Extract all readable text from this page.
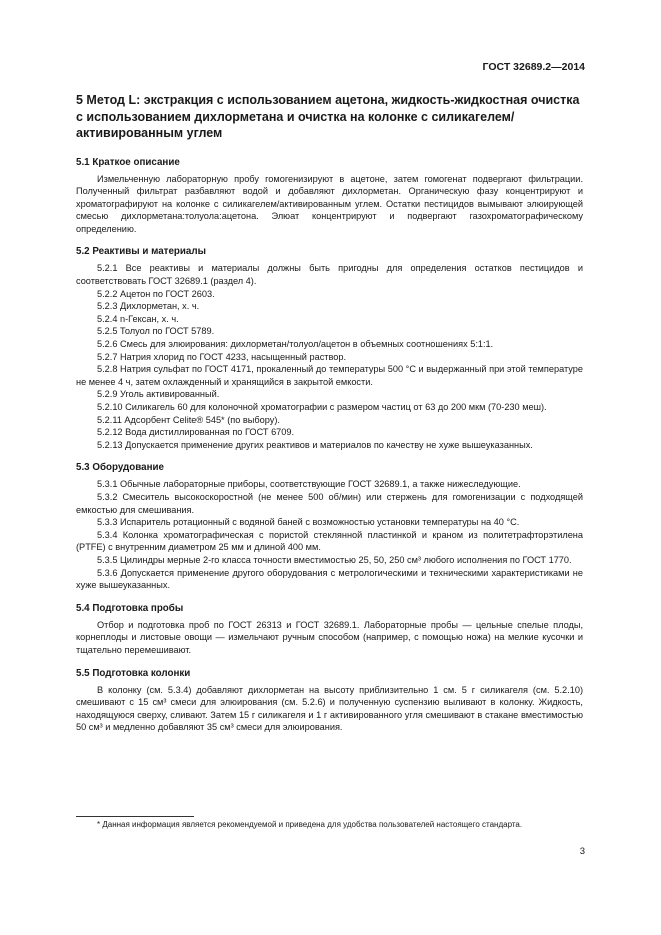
ГОСТ 32689.2—2014
5 Метод L: экстракция с использованием ацетона, жидкость-жидкостная очистка с использованием дихлорметана и очистка на колонке с силикагелем/активированным углем
5.1 Краткое описание
Измельченную лабораторную пробу гомогенизируют в ацетоне, затем гомогенат подвергают фильтрации. Полученный фильтрат разбавляют водой и добавляют дихлорметан. Органическую фазу концентрируют и хроматографируют на колонке с силикагелем/активированным углем. Остатки пестицидов вымывают элюирующей смесью дихлорметана:толуола:ацетона. Элюат концентрируют и подвергают газохроматографическому определению.
5.2 Реактивы и материалы
5.2.1 Все реактивы и материалы должны быть пригодны для определения остатков пестицидов и соответствовать ГОСТ 32689.1 (раздел 4).
5.2.2 Ацетон по ГОСТ 2603.
5.2.3 Дихлорметан, х. ч.
5.2.4 n-Гексан, х. ч.
5.2.5 Толуол по ГОСТ 5789.
5.2.6 Смесь для элюирования: дихлорметан/толуол/ацетон в объемных соотношениях 5:1:1.
5.2.7 Натрия хлорид по ГОСТ 4233, насыщенный раствор.
5.2.8 Натрия сульфат по ГОСТ 4171, прокаленный до температуры 500 °C и выдержанный при этой температуре не менее 4 ч, затем охлажденный и хранящийся в закрытой емкости.
5.2.9 Уголь активированный.
5.2.10 Силикагель 60 для колоночной хроматографии с размером частиц от 63 до 200 мкм (70-230 меш).
5.2.11 Адсорбент Celite® 545* (по выбору).
5.2.12 Вода дистиллированная по ГОСТ 6709.
5.2.13 Допускается применение других реактивов и материалов по качеству не хуже вышеуказанных.
5.3 Оборудование
5.3.1 Обычные лабораторные приборы, соответствующие ГОСТ 32689.1, а также нижеследующие.
5.3.2 Смеситель высокоскоростной (не менее 500 об/мин) или стержень для гомогенизации с подходящей емкостью для смешивания.
5.3.3 Испаритель ротационный с водяной баней с возможностью установки температуры на 40 °C.
5.3.4 Колонка хроматографическая с пористой стеклянной пластинкой и краном из политетрафторэтилена (PTFE) с внутренним диаметром 25 мм и длиной 400 мм.
5.3.5 Цилиндры мерные 2-го класса точности вместимостью 25, 50, 250 см³ любого исполнения по ГОСТ 1770.
5.3.6 Допускается применение другого оборудования с метрологическими и техническими характеристиками не хуже вышеуказанных.
5.4 Подготовка пробы
Отбор и подготовка проб по ГОСТ 26313 и ГОСТ 32689.1. Лабораторные пробы — цельные спелые плоды, корнеплоды и листовые овощи — измельчают ручным способом (например, с помощью ножа) на мелкие кусочки и тщательно перемешивают.
5.5 Подготовка колонки
В колонку (см. 5.3.4) добавляют дихлорметан на высоту приблизительно 1 см. 5 г силикагеля (см. 5.2.10) смешивают с 15 см³ смеси для элюирования (см. 5.2.6) и полученную суспензию выливают в колонку. Жидкость, находящуюся сверху, сливают. Затем 15 г силикагеля и 1 г активированного угля смешивают в стакане вместимостью 50 см³ и медленно добавляют 35 см³ смеси для элюирования.
* Данная информация является рекомендуемой и приведена для удобства пользователей настоящего стандарта.
3
